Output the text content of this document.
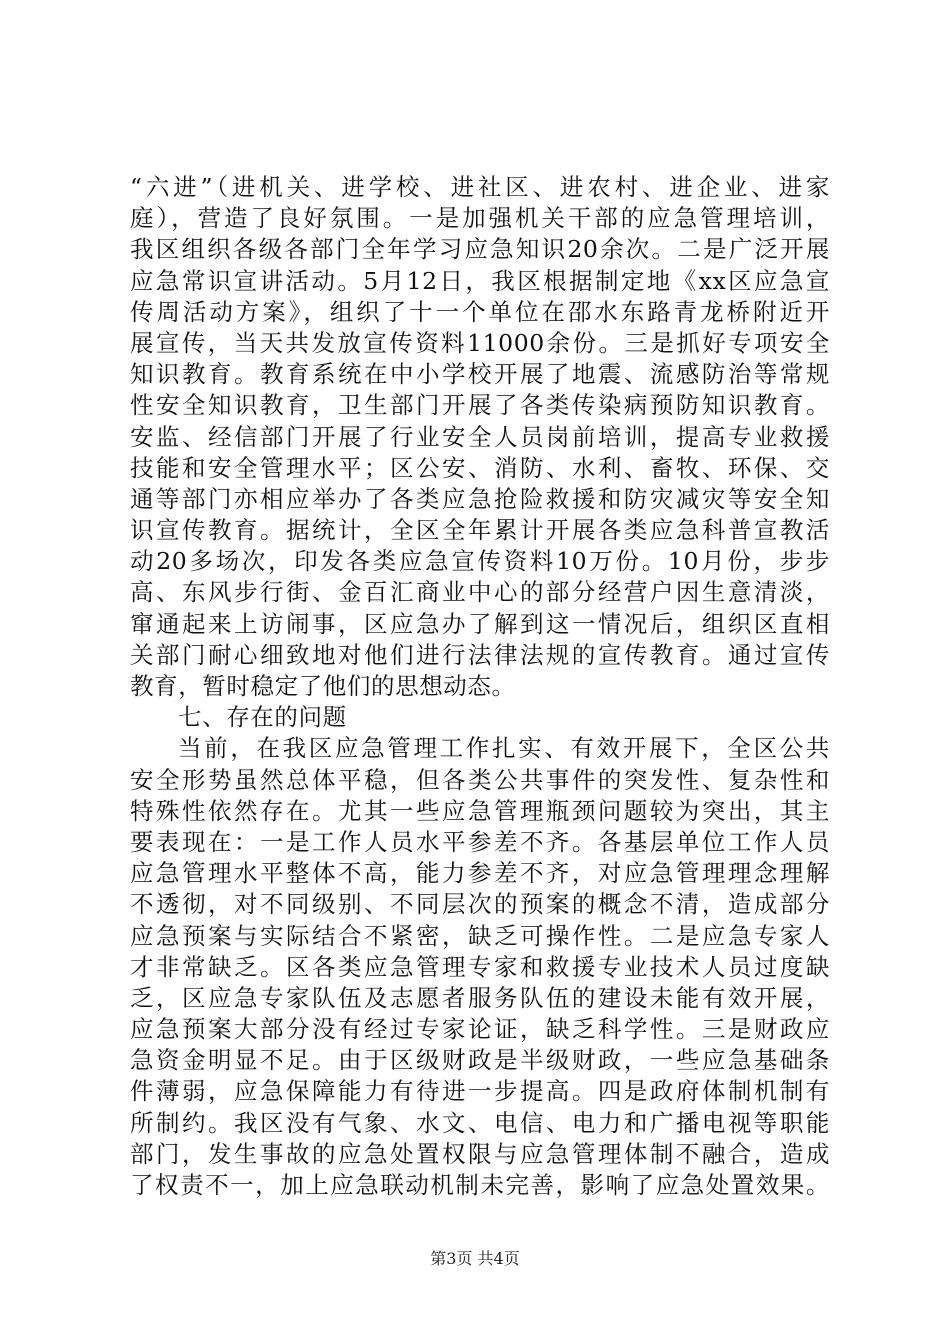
“六进”（进机关、进学校、进社区、进农村、进企业、进家
庭），营造了良好氛围。一是加强机关干部的应急管理培训，
我区组织各级各部门全年学习应急知识20余次。二是广泛开展
应急常识宣讲活动。5月12日，我区根据制定地《xx区应急宣
传周活动方案》，组织了十一个单位在邵水东路青龙桥附近开
展宣传，当天共发放宣传资料11000余份。三是抓好专项安全
知识教育。教育系统在中小学校开展了地震、流感防治等常规
性安全知识教育，卫生部门开展了各类传染病预防知识教育。
安监、经信部门开展了行业安全人员岗前培训，提高专业救援
技能和安全管理水平；区公安、消防、水利、畜牧、环保、交
通等部门亦相应举办了各类应急抢险救援和防灾减灾等安全知
识宣传教育。据统计，全区全年累计开展各类应急科普宣教活
动20多场次，印发各类应急宣传资料10万份。10月份，步步
高、东风步行街、金百汇商业中心的部分经营户因生意清淡，
窜通起来上访闹事，区应急办了解到这一情况后，组织区直相
关部门耐心细致地对他们进行法律法规的宣传教育。通过宣传
教育，暂时稳定了他们的思想动态。
七、存在的问题
当前，在我区应急管理工作扎实、有效开展下，全区公共
安全形势虽然总体平稳，但各类公共事件的突发性、复杂性和
特殊性依然存在。尤其一些应急管理瓶颈问题较为突出，其主
要表现在：一是工作人员水平参差不齐。各基层单位工作人员
应急管理水平整体不高，能力参差不齐，对应急管理理念理解
不透彻，对不同级别、不同层次的预案的概念不清，造成部分
应急预案与实际结合不紧密，缺乏可操作性。二是应急专家人
才非常缺乏。区各类应急管理专家和救援专业技术人员过度缺
乏，区应急专家队伍及志愿者服务队伍的建设未能有效开展，
应急预案大部分没有经过专家论证，缺乏科学性。三是财政应
急资金明显不足。由于区级财政是半级财政，一些应急基础条
件薄弱，应急保障能力有待进一步提高。四是政府体制机制有
所制约。我区没有气象、水文、电信、电力和广播电视等职能
部门，发生事故的应急处置权限与应急管理体制不融合，造成
了权责不一，加上应急联动机制未完善，影响了应急处置效果。
第3页 共4页
